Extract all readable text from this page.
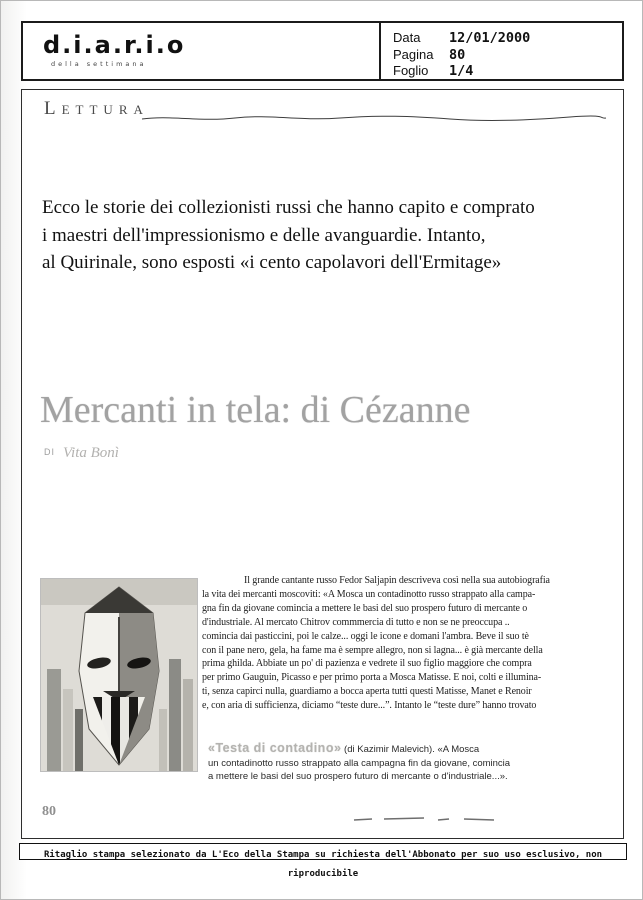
d.i.a.r.i.o
della settimana
Data	12/01/2000
Pagina	80
Foglio	1/4
Lettura
Ecco le storie dei collezionisti russi che hanno capito e comprato
i maestri dell'impressionismo e delle avanguardie. Intanto,
al Quirinale, sono esposti «i cento capolavori dell'Ermitage»
Mercanti in tela: di Cézanne
DI Vita Bonì
Il grande cantante russo Fedor Saljapin descriveva così nella sua autobiografia
la vita dei mercanti moscoviti: «A Mosca un contadinotto russo strappato alla campa-
gna fin da giovane comincia a mettere le basi del suo prospero futuro di mercante o
d'industriale. Al mercato Chitrov commmercia di tutto e non se ne preoccupa ..
comincia dai pasticcini, poi le calze... oggi le icone e domani l'ambra. Beve il suo tè
con il pane nero, gela, ha fame ma è sempre allegro, non si lagna... è già mercante della
prima ghilda. Abbiate un po' di pazienza e vedrete il suo figlio maggiore che compra
per primo Gauguin, Picasso e per primo porta a Mosca Matisse. E noi, colti e illumina-
ti, senza capirci nulla, guardiamo a bocca aperta tutti questi Matisse, Manet e Renoir
e, con aria di sufficienza, diciamo “teste dure...”. Intanto le “teste dure” hanno trovato
«Testa di contadino» (di Kazimir Malevich). «A Mosca
un contadinotto russo strappato alla campagna fin da giovane, comincia
a mettere le basi del suo prospero futuro di mercante o d'industriale...».
80
Ritaglio stampa selezionato da L'Eco della Stampa su richiesta dell'Abbonato per suo uso esclusivo, non riproducibile
